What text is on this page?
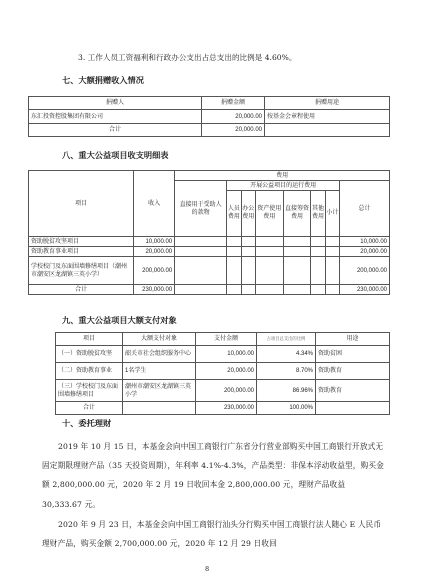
3. 工作人员工资福利和行政办公支出占总支出的比例是 4.60%。

七、大额捐赠收入情况
捐赠人	捐赠金额	捐赠用途
东汇投资控股集团有限公司	20,000.00	按基金会章程使用
合计	20,000.00	
八、重大公益项目收支明细表
项目	收入	费用							
		直接用于受助人的款物	开展公益项目的运行费用						总计
			人员费用	办公费用	资产使用费用	直接筹资费用	其他费用	小计	
资助脱贫攻坚项目	10,000.00								10,000.00
资助教育事业项目	20,000.00								20,000.00
学校校门及东面围墙修缮项目（潮州市潮安区龙湖镇三英小学）	200,000.00								200,000.00
合计	230,000.00								230,000.00
九、重大公益项目大额支付对象
项目	大额支付对象	支付金额	占项目总支出的比例	用途
（一）资助脱贫攻坚	韶关市社会组织服务中心	10,000.00	4.34%	资助贫困
（二）资助教育事业	1名学生	20,000.00	8.70%	资助教育
（三）学校校门及东面围墙修缮项目	潮州市潮安区龙湖镇三英小学	200,000.00	86.96%	资助教育
合计		230,000.00	100.00%	
十、委托理财
2019 年 10 月 15 日，本基金会向中国工商银行广东省分行营业部购买中国工商银行开放式无固定期限理财产品（35 天投资周期），年利率 4.1%-4.3%，产品类型：非保本浮动收益型，购买金额 2,800,000.00 元，2020 年 2 月 19 日收回本金 2,800,000.00 元，理财产品收益 30,333.67 元。
2020 年 9 月 23 日，本基金会向中国工商银行汕头分行购买中国工商银行法人随心 E 人民币理财产品，购买金额 2,700,000.00 元，2020 年 12 月 29 日收回
8
